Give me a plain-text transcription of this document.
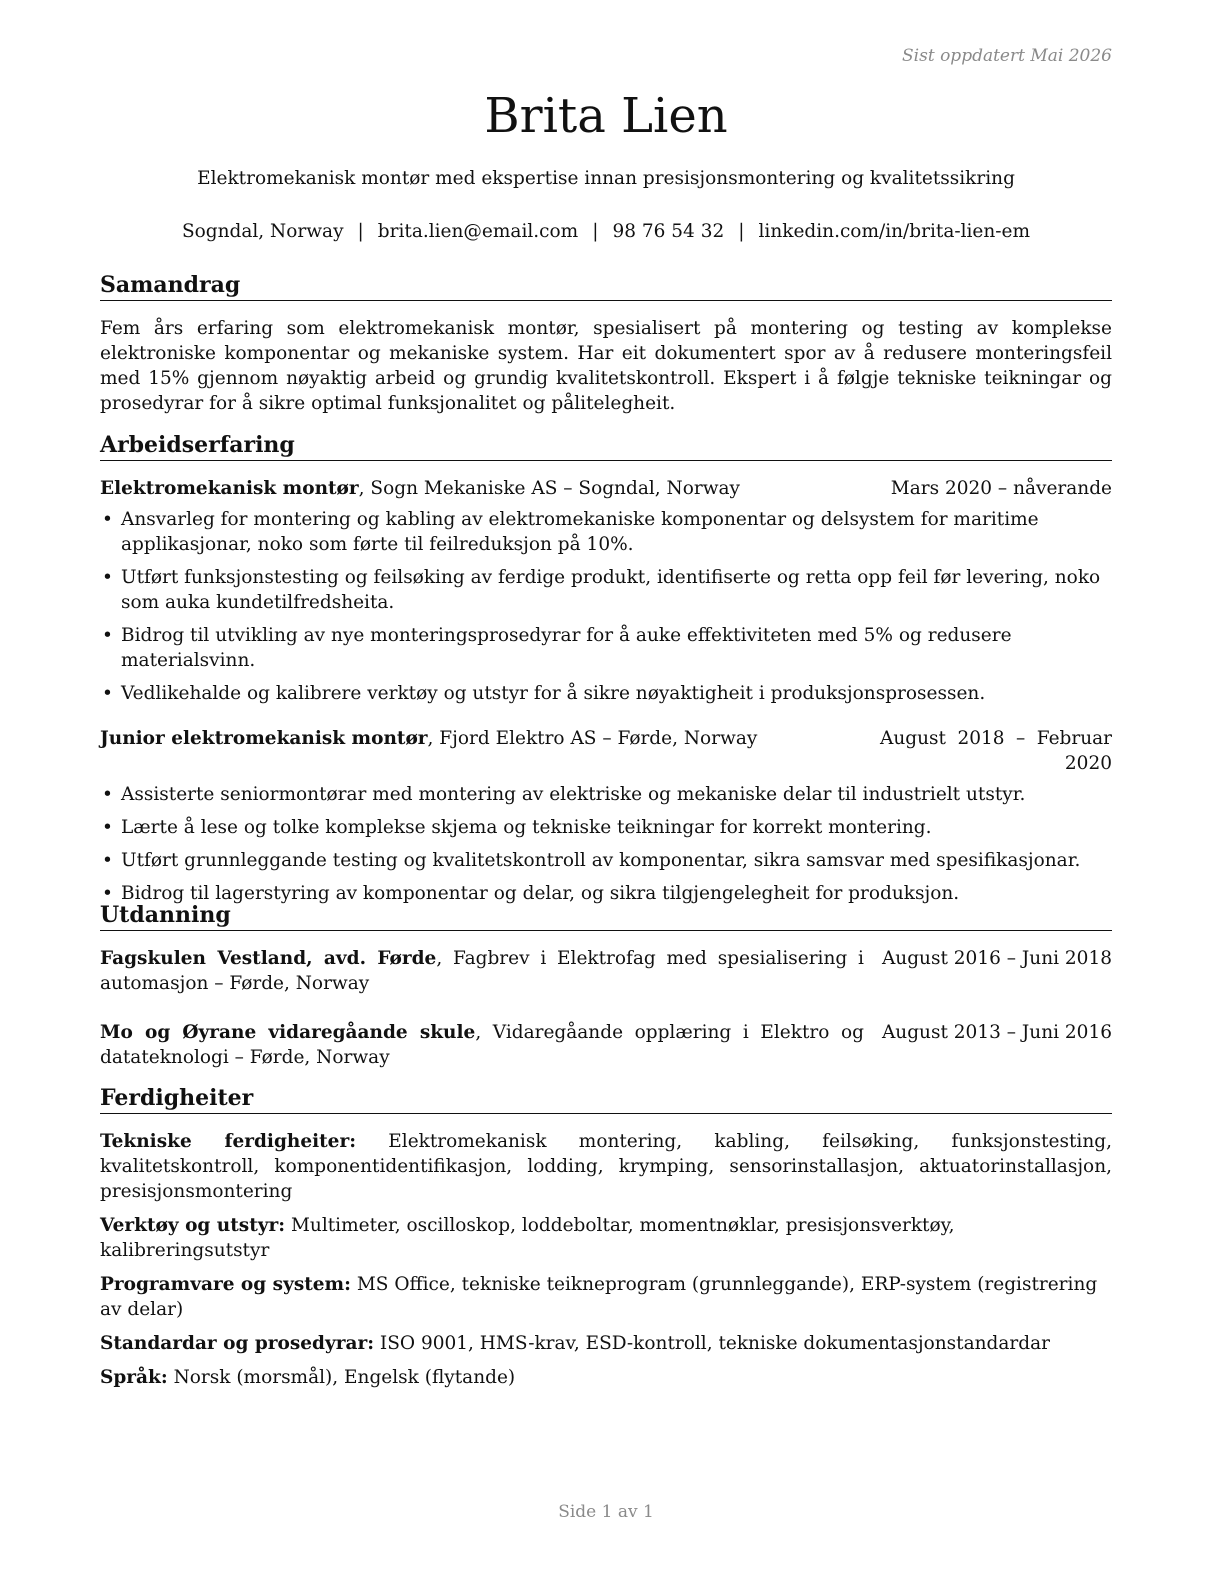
Sist oppdatert Mai 2026
Brita Lien
Elektromekanisk montør med ekspertise innan presisjonsmontering og kvalitetssikring
Sogndal, Norway | brita.lien@email.com | 98 76 54 32 | linkedin.com/in/brita-lien-em
Samandrag

Fem års erfaring som elektromekanisk montør, spesialisert på montering og testing av komplekse elektroniske komponentar og mekaniske system. Har eit dokumentert spor av å redusere monteringsfeil med 15% gjennom nøyaktig arbeid og grundig kvalitetskontroll. Ekspert i å følgje tekniske teikningar og prosedyrar for å sikre optimal funksjonalitet og pålitelegheit.

Arbeidserfaring
Elektromekanisk montør, Sogn Mekaniske AS – Sogndal, Norway	Mars 2020 – nåverande
• Ansvarleg for montering og kabling av elektromekaniske komponentar og delsystem for maritime applikasjonar, noko som førte til feilreduksjon på 10%.
• Utført funksjonstesting og feilsøking av ferdige produkt, identifiserte og retta opp feil før levering, noko som auka kundetilfredsheita.
• Bidrog til utvikling av nye monteringsprosedyrar for å auke effektiviteten med 5% og redusere materialsvinn.
• Vedlikehalde og kalibrere verktøy og utstyr for å sikre nøyaktigheit i produksjonsprosessen.
Junior elektromekanisk montør, Fjord Elektro AS – Førde, Norway	August 2018 – Februar 2020
• Assisterte seniormontørar med montering av elektriske og mekaniske delar til industrielt utstyr.
• Lærte å lese og tolke komplekse skjema og tekniske teikningar for korrekt montering.
• Utført grunnleggande testing og kvalitetskontroll av komponentar, sikra samsvar med spesifikasjonar.
• Bidrog til lagerstyring av komponentar og delar, og sikra tilgjengelegheit for produksjon.
Utdanning
Fagskulen Vestland, avd. Førde, Fagbrev i Elektrofag med spesialisering i automasjon – Førde, Norway
August 2016 – Juni 2018
Mo og Øyrane vidaregåande skule, Vidaregåande opplæring i Elektro og datateknologi – Førde, Norway
August 2013 – Juni 2016
Ferdigheiter

Tekniske ferdigheiter: Elektromekanisk montering, kabling, feilsøking, funksjonstesting, kvalitetskontroll, komponentidentifikasjon, lodding, krymping, sensorinstallasjon, aktuatorinstallasjon, presisjonsmontering

Verktøy og utstyr: Multimeter, oscilloskop, loddeboltar, momentnøklar, presisjonsverktøy, kalibreringsutstyr

Programvare og system: MS Office, tekniske teikneprogram (grunnleggande), ERP-system (registrering av delar)

Standardar og prosedyrar: ISO 9001, HMS-krav, ESD-kontroll, tekniske dokumentasjonstandardar

Språk: Norsk (morsmål), Engelsk (flytande)

Side 1 av 1
